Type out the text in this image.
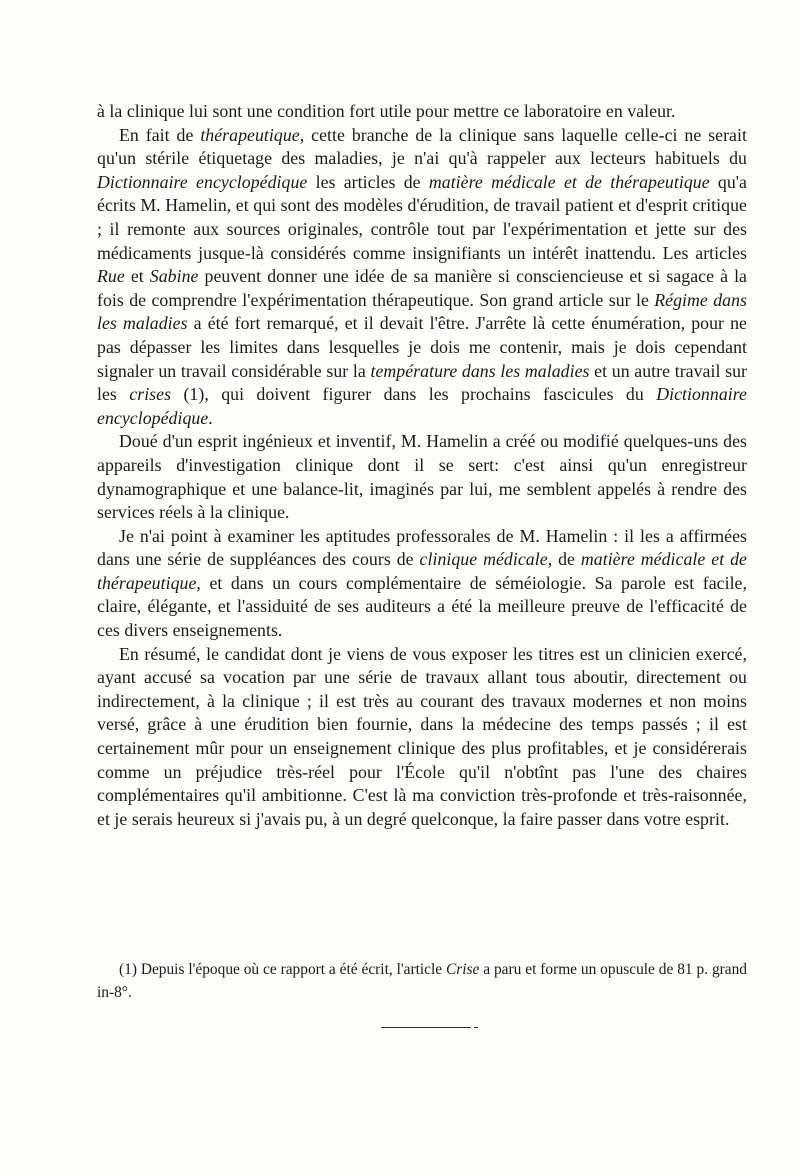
à la clinique lui sont une condition fort utile pour mettre ce laboratoire en valeur.

En fait de thérapeutique, cette branche de la clinique sans laquelle celle-ci ne serait qu'un stérile étiquetage des maladies, je n'ai qu'à rappeler aux lecteurs habituels du Dictionnaire encyclopédique les articles de matière médicale et de thérapeutique qu'a écrits M. Hamelin, et qui sont des modèles d'érudition, de travail patient et d'esprit critique ; il remonte aux sources originales, contrôle tout par l'expérimentation et jette sur des médicaments jusque-là considérés comme insignifiants un intérêt inattendu. Les articles Rue et Sabine peuvent donner une idée de sa manière si consciencieuse et si sagace à la fois de comprendre l'expérimentation thérapeutique. Son grand article sur le Régime dans les maladies a été fort remarqué, et il devait l'être. J'arrête là cette énumération, pour ne pas dépasser les limites dans lesquelles je dois me contenir, mais je dois cependant signaler un travail considérable sur la température dans les maladies et un autre travail sur les crises (1), qui doivent figurer dans les prochains fascicules du Dictionnaire encyclopédique.

Doué d'un esprit ingénieux et inventif, M. Hamelin a créé ou modifié quelques-uns des appareils d'investigation clinique dont il se sert: c'est ainsi qu'un enregistreur dynamographique et une balance-lit, imaginés par lui, me semblent appelés à rendre des services réels à la clinique.

Je n'ai point à examiner les aptitudes professorales de M. Hamelin : il les a affirmées dans une série de suppléances des cours de clinique médicale, de matière médicale et de thérapeutique, et dans un cours complémentaire de séméiologie. Sa parole est facile, claire, élégante, et l'assiduité de ses auditeurs a été la meilleure preuve de l'efficacité de ces divers enseignements.

En résumé, le candidat dont je viens de vous exposer les titres est un clinicien exercé, ayant accusé sa vocation par une série de travaux allant tous aboutir, directement ou indirectement, à la clinique ; il est très au courant des travaux modernes et non moins versé, grâce à une érudition bien fournie, dans la médecine des temps passés ; il est certainement mûr pour un enseignement clinique des plus profitables, et je considérerais comme un préjudice très-réel pour l'École qu'il n'obtînt pas l'une des chaires complémentaires qu'il ambitionne. C'est là ma conviction très-profonde et très-raisonnée, et je serais heureux si j'avais pu, à un degré quelconque, la faire passer dans votre esprit.

(1) Depuis l'époque où ce rapport a été écrit, l'article Crise a paru et forme un opuscule de 81 p. grand in-8°.
